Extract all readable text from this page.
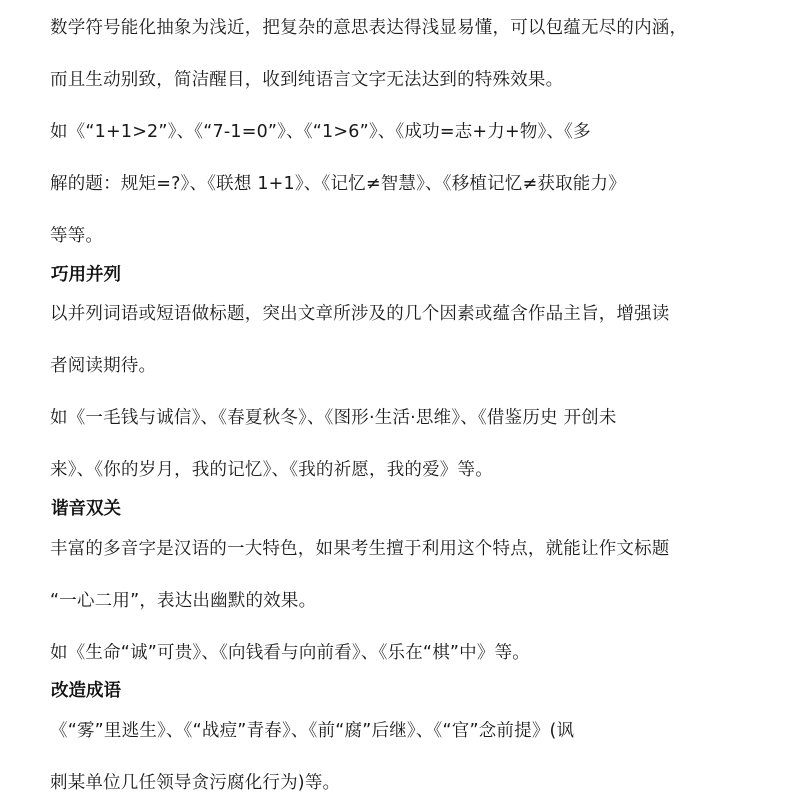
数学符号能化抽象为浅近，把复杂的意思表达得浅显易懂，可以包蕴无尽的内涵，
而且生动别致，简洁醒目，收到纯语言文字无法达到的特殊效果。
如《“1+1>2”》、《“7-1=0”》、《“1>6”》、《成功=志+力+物》、《多
解的题：规矩=?》、《联想 1+1》、《记忆≠智慧》、《移植记忆≠获取能力》
等等。
巧用并列
以并列词语或短语做标题，突出文章所涉及的几个因素或蕴含作品主旨，增强读
者阅读期待。
如《一毛钱与诚信》、《春夏秋冬》、《图形·生活·思维》、《借鉴历史 开创未
来》、《你的岁月，我的记忆》、《我的祈愿，我的爱》等。
谐音双关
丰富的多音字是汉语的一大特色，如果考生擅于利用这个特点，就能让作文标题
“一心二用”，表达出幽默的效果。
如《生命“诚”可贵》、《向钱看与向前看》、《乐在“棋”中》等。
改造成语
《“雾”里逃生》、《“战痘”青春》、《前“腐”后继》、《“官”念前提》(讽
刺某单位几任领导贪污腐化行为)等。
